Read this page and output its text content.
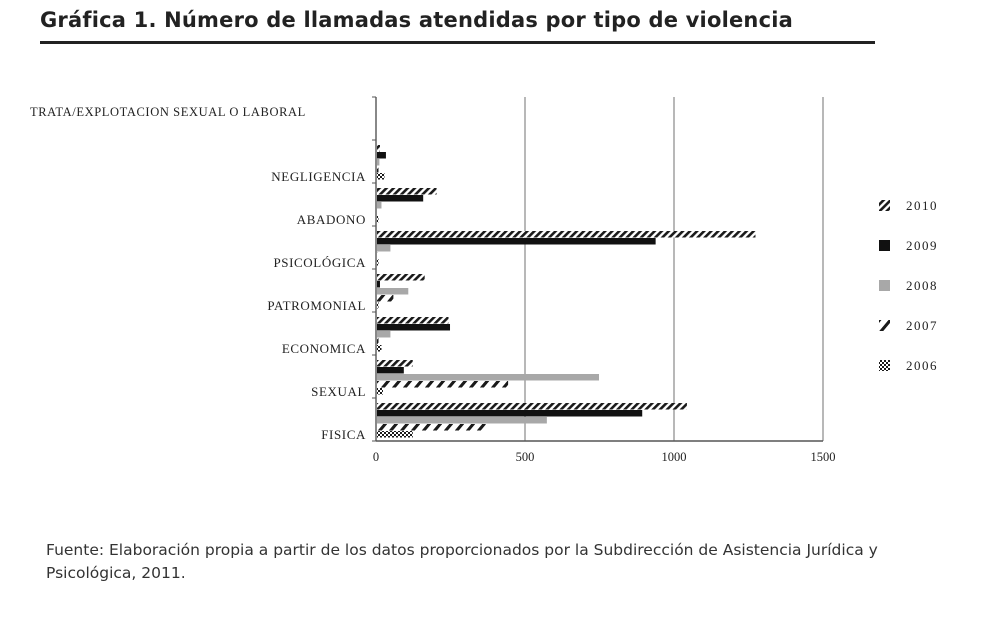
Gráfica 1. Número de llamadas atendidas por tipo de violencia
0	500	1000	1500
FISICA
SEXUAL
ECONOMICA
PATROMONIAL
PSICOLÓGICA
ABADONO
NEGLIGENCIA
TRATA/EXPLOTACION SEXUAL O LABORAL
2010
2009
2008
2007
2006
Fuente: Elaboración propia a partir de los datos proporcionados por la Subdirección de Asistencia Jurídica y Psicológica, 2011.
